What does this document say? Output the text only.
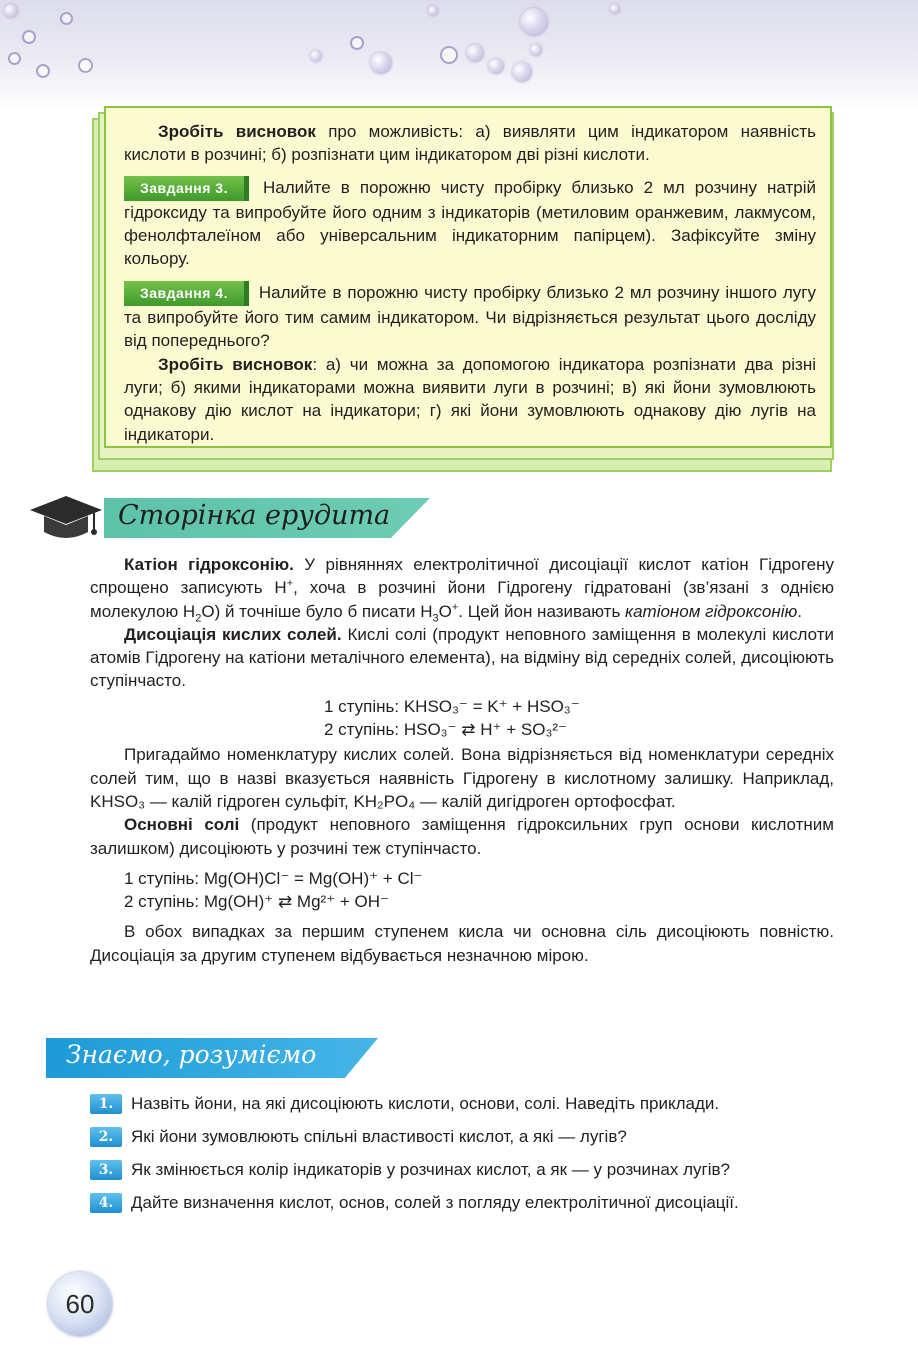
Зробіть висновок про можливість: а) виявляти цим індикатором наявність кислоти в розчині; б) розпізнати цим індикатором дві різні кислоти.

Завдання 3. Налийте в порожню чисту пробірку близько 2 мл розчину натрій гідроксиду та випробуйте його одним з індикаторів (метиловим оранжевим, лакмусом, фенолфталеїном або універсальним індикаторним папірцем). Зафіксуйте зміну кольору.

Завдання 4. Налийте в порожню чисту пробірку близько 2 мл розчину іншого лугу та випробуйте його тим самим індикатором. Чи відрізняється результат цього досліду від попереднього?

Зробіть висновок: а) чи можна за допомогою індикатора розпізнати два різні луги; б) якими індикаторами можна виявити луги в розчині; в) які йони зумовлюють однакову дію кислот на індикатори; г) які йони зумовлюють однакову дію лугів на індикатори.

Сторінка ерудита

Катіон гідроксонію. У рівняннях електролітичної дисоціації кислот катіон Гідрогену спрощено записують H+, хоча в розчині йони Гідрогену гідратовані (зв’язані з однією молекулою $H_2O$) й точніше було б писати $H_3O^+$. Цей йон називають катіоном гідроксонію.

Дисоціація кислих солей. Кислі солі (продукт неповного заміщення в молекулі кислоти атомів Гідрогену на катіони металічного елемента), на відміну від середніх солей, дисоціюють ступінчасто.

1 ступінь: KHSO₃⁻ = K⁺ + HSO₃⁻

2 ступінь: HSO₃⁻ ⇄ H⁺ + SO₃²⁻

Пригадаймо номенклатуру кислих солей. Вона відрізняється від номенклатури середніх солей тим, що в назві вказується наявність Гідрогену в кислотному залишку. Наприклад, KHSO₃ — калій гідроген сульфіт, KH₂PO₄ — калій дигідроген ортофосфат.

Основні солі (продукт неповного заміщення гідроксильних груп основи кислотним залишком) дисоціюють у розчині теж ступінчасто.

1 ступінь: Mg(OH)Cl⁻ = Mg(OH)⁺ + Cl⁻

2 ступінь: Mg(OH)⁺ ⇄ Mg²⁺ + OH⁻

В обох випадках за першим ступенем кисла чи основна сіль дисоціюють повністю. Дисоціація за другим ступенем відбувається незначною мірою.

Знаємо, розуміємо
1.	Назвіть йони, на які дисоціюють кислоти, основи, солі. Наведіть приклади.
2.	Які йони зумовлюють спільні властивості кислот, а які — лугів?
3.	Як змінюється колір індикаторів у розчинах кислот, а як — у розчинах лугів?
4.	Дайте визначення кислот, основ, солей з погляду електролітичної дисоціації.
60
